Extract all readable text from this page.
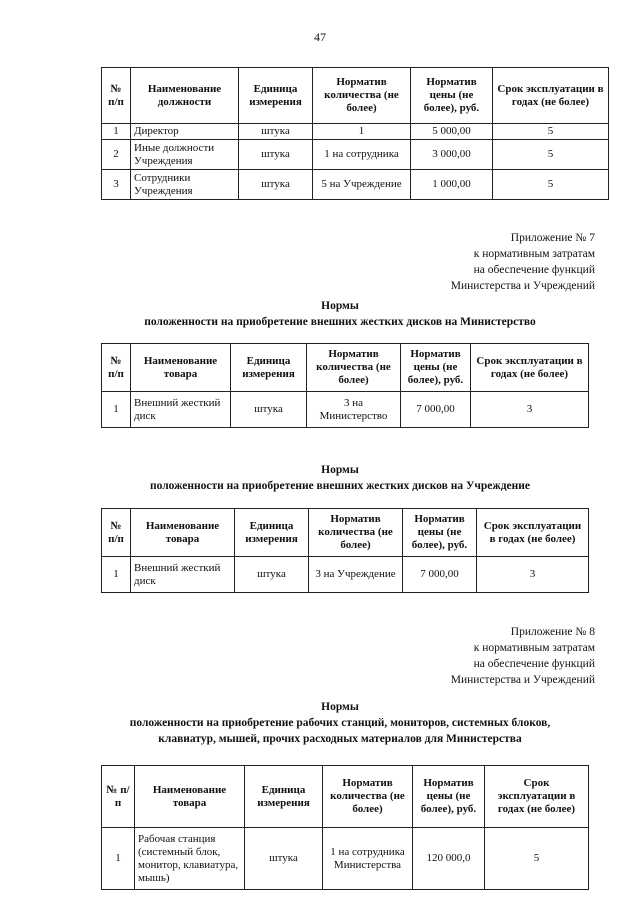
47
№ п/п	Наименование должности	Единица измерения	Норматив количества (не более)	Норматив цены (не более), руб.	Срок эксплуатации в годах (не более)
1	Директор	штука	1	5 000,00	5
2	Иные должности Учреждения	штука	1 на сотрудника	3 000,00	5
3	Сотрудники Учреждения	штука	5 на Учреждение	1 000,00	5
Приложение № 7
к нормативным затратам
на обеспечение функций
Министерства и Учреждений
Нормы
положенности на приобретение внешних жестких дисков на Министерство
№ п/п	Наименование товара	Единица измерения	Норматив количества (не более)	Норматив цены (не более), руб.	Срок эксплуатации в годах (не более)
1	Внешний жесткий диск	штука	3 на Министерство	7 000,00	3
Нормы
положенности на приобретение внешних жестких дисков на Учреждение
№ п/п	Наименование товара	Единица измерения	Норматив количества (не более)	Норматив цены (не более), руб.	Срок эксплуатации в годах (не более)
1	Внешний жесткий диск	штука	3 на Учреждение	7 000,00	3
Приложение № 8
к нормативным затратам
на обеспечение функций
Министерства и Учреждений
Нормы
положенности на приобретение рабочих станций, мониторов, системных блоков,
клавиатур, мышей, прочих расходных материалов для Министерства
№ п/п	Наименование товара	Единица измерения	Норматив количества (не более)	Норматив цены (не более), руб.	Срок эксплуатации в годах (не более)
1	Рабочая станция (системный блок, монитор, клавиатура, мышь)	штука	1 на сотрудника Министерства	120 000,0	5
